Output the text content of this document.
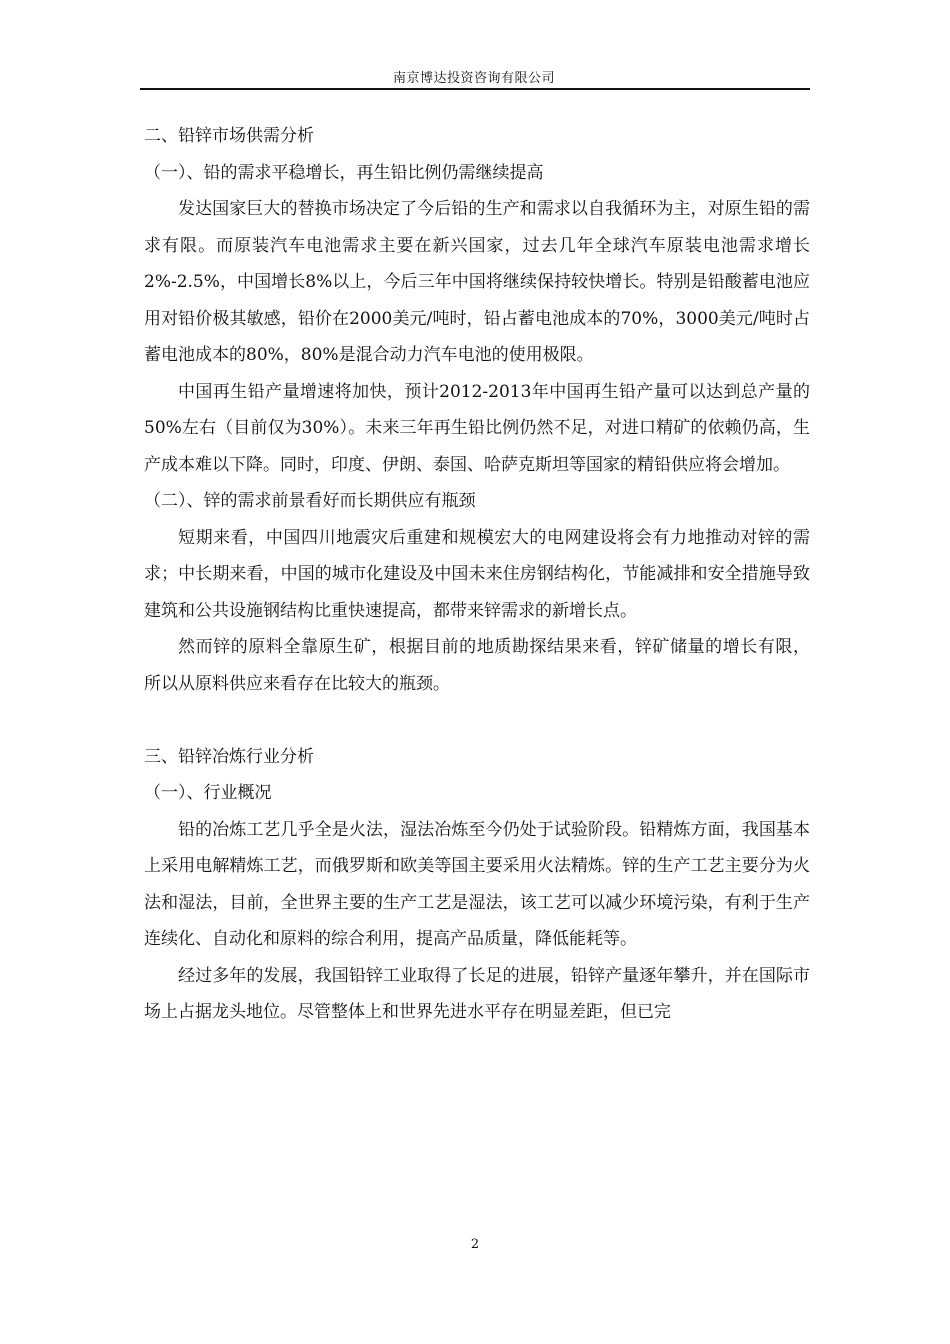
南京博达投资咨询有限公司

二、铅锌市场供需分析

（一）、铅的需求平稳增长，再生铅比例仍需继续提高

发达国家巨大的替换市场决定了今后铅的生产和需求以自我循环为主，对原生铅的需求有限。而原装汽车电池需求主要在新兴国家，过去几年全球汽车原装电池需求增长2%-2.5%，中国增长8%以上，今后三年中国将继续保持较快增长。特别是铅酸蓄电池应用对铅价极其敏感，铅价在2000美元/吨时，铅占蓄电池成本的70%，3000美元/吨时占蓄电池成本的80%，80%是混合动力汽车电池的使用极限。

中国再生铅产量增速将加快，预计2012-2013年中国再生铅产量可以达到总产量的50%左右（目前仅为30%）。未来三年再生铅比例仍然不足，对进口精矿的依赖仍高，生产成本难以下降。同时，印度、伊朗、泰国、哈萨克斯坦等国家的精铅供应将会增加。

（二）、锌的需求前景看好而长期供应有瓶颈

短期来看，中国四川地震灾后重建和规模宏大的电网建设将会有力地推动对锌的需求；中长期来看，中国的城市化建设及中国未来住房钢结构化，节能减排和安全措施导致建筑和公共设施钢结构比重快速提高，都带来锌需求的新增长点。

然而锌的原料全靠原生矿，根据目前的地质勘探结果来看，锌矿储量的增长有限， 所以从原料供应来看存在比较大的瓶颈。

三、铅锌冶炼行业分析

（一）、行业概况

铅的冶炼工艺几乎全是火法，湿法冶炼至今仍处于试验阶段。铅精炼方面，我国基本上采用电解精炼工艺，而俄罗斯和欧美等国主要采用火法精炼。锌的生产工艺主要分为火法和湿法，目前，全世界主要的生产工艺是湿法，该工艺可以减少环境污染，有利于生产连续化、自动化和原料的综合利用，提高产品质量，降低能耗等。

经过多年的发展，我国铅锌工业取得了长足的进展，铅锌产量逐年攀升，并在国际市场上占据龙头地位。尽管整体上和世界先进水平存在明显差距，但已完

2
